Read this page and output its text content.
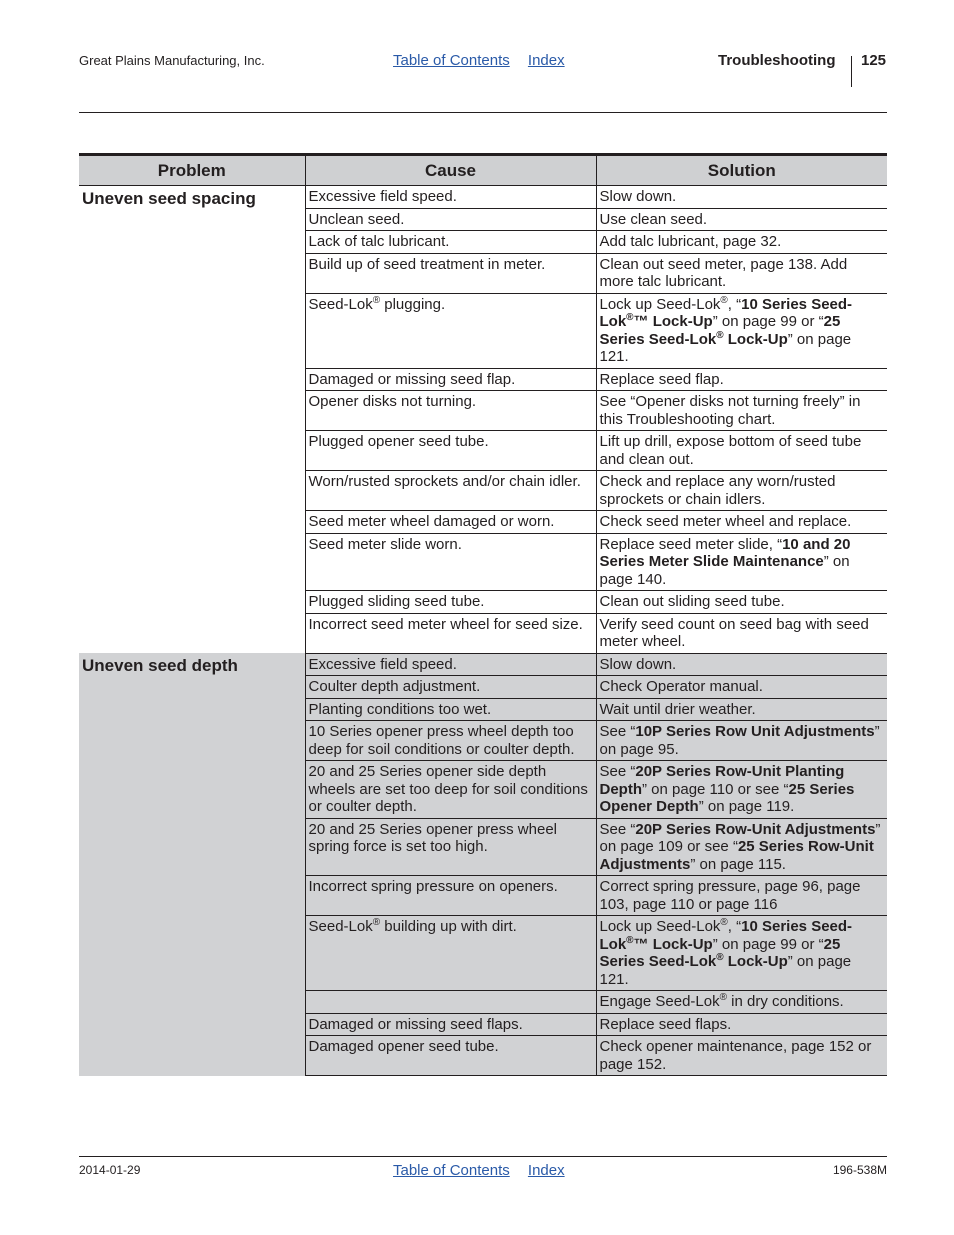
Great Plains Manufacturing, Inc.	Table of Contents Index	Troubleshooting 125
Problem	Cause	Solution
Uneven seed spacing	Excessive field speed.	Slow down.
	Unclean seed.	Use clean seed.
	Lack of talc lubricant.	Add talc lubricant, page 32.
	Build up of seed treatment in meter.	Clean out seed meter, page 138. Add more talc lubricant.
	Seed-Lok® plugging.	Lock up Seed-Lok®, “10 Series Seed-Lok®™ Lock-Up” on page 99 or “25 Series Seed-Lok® Lock-Up” on page 121.
	Damaged or missing seed flap.	Replace seed flap.
	Opener disks not turning.	See “Opener disks not turning freely” in this Troubleshooting chart.
	Plugged opener seed tube.	Lift up drill, expose bottom of seed tube and clean out.
	Worn/rusted sprockets and/or chain idler.	Check and replace any worn/rusted sprockets or chain idlers.
	Seed meter wheel damaged or worn.	Check seed meter wheel and replace.
	Seed meter slide worn.	Replace seed meter slide, “10 and 20 Series Meter Slide Maintenance” on page 140.
	Plugged sliding seed tube.	Clean out sliding seed tube.
	Incorrect seed meter wheel for seed size.	Verify seed count on seed bag with seed meter wheel.
Uneven seed depth	Excessive field speed.	Slow down.
	Coulter depth adjustment.	Check Operator manual.
	Planting conditions too wet.	Wait until drier weather.
	10 Series opener press wheel depth too deep for soil conditions or coulter depth.	See “10P Series Row Unit Adjustments” on page 95.
	20 and 25 Series opener side depth wheels are set too deep for soil conditions or coulter depth.	See “20P Series Row-Unit Planting Depth” on page 110 or see “25 Series Opener Depth” on page 119.
	20 and 25 Series opener press wheel spring force is set too high.	See “20P Series Row-Unit Adjustments” on page 109 or see “25 Series Row-Unit Adjustments” on page 115.
	Incorrect spring pressure on openers.	Correct spring pressure, page 96, page 103, page 110 or page 116
	Seed-Lok® building up with dirt.	Lock up Seed-Lok®, “10 Series Seed-Lok®™ Lock-Up” on page 99 or “25 Series Seed-Lok® Lock-Up” on page 121.
		Engage Seed-Lok® in dry conditions.
	Damaged or missing seed flaps.	Replace seed flaps.
	Damaged opener seed tube.	Check opener maintenance, page 152 or page 152.
2014-01-29	Table of Contents Index	196-538M
